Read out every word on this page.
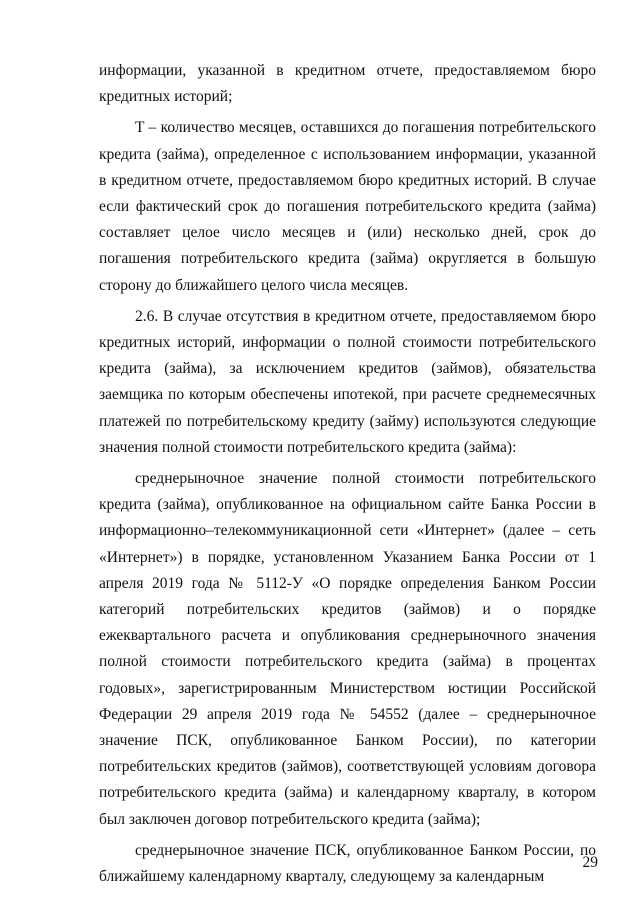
информации, указанной в кредитном отчете, предоставляемом бюро кредитных историй;

T – количество месяцев, оставшихся до погашения потребительского кредита (займа), определенное с использованием информации, указанной в кредитном отчете, предоставляемом бюро кредитных историй. В случае если фактический срок до погашения потребительского кредита (займа) составляет целое число месяцев и (или) несколько дней, срок до погашения потребительского кредита (займа) округляется в большую сторону до ближайшего целого числа месяцев.

2.6. В случае отсутствия в кредитном отчете, предоставляемом бюро кредитных историй, информации о полной стоимости потребительского кредита (займа), за исключением кредитов (займов), обязательства заемщика по которым обеспечены ипотекой, при расчете среднемесячных платежей по потребительскому кредиту (займу) используются следующие значения полной стоимости потребительского кредита (займа):

среднерыночное значение полной стоимости потребительского кредита (займа), опубликованное на официальном сайте Банка России в информационно–телекоммуникационной сети «Интернет» (далее – сеть «Интернет») в порядке, установленном Указанием Банка России от 1 апреля 2019 года № 5112-У «О порядке определения Банком России категорий потребительских кредитов (займов) и о порядке ежеквартального расчета и опубликования среднерыночного значения полной стоимости потребительского кредита (займа) в процентах годовых», зарегистрированным Министерством юстиции Российской Федерации 29 апреля 2019 года № 54552 (далее – среднерыночное значение ПСК, опубликованное Банком России), по категории потребительских кредитов (займов), соответствующей условиям договора потребительского кредита (займа) и календарному кварталу, в котором был заключен договор потребительского кредита (займа);

среднерыночное значение ПСК, опубликованное Банком России, по ближайшему календарному кварталу, следующему за календарным

29
